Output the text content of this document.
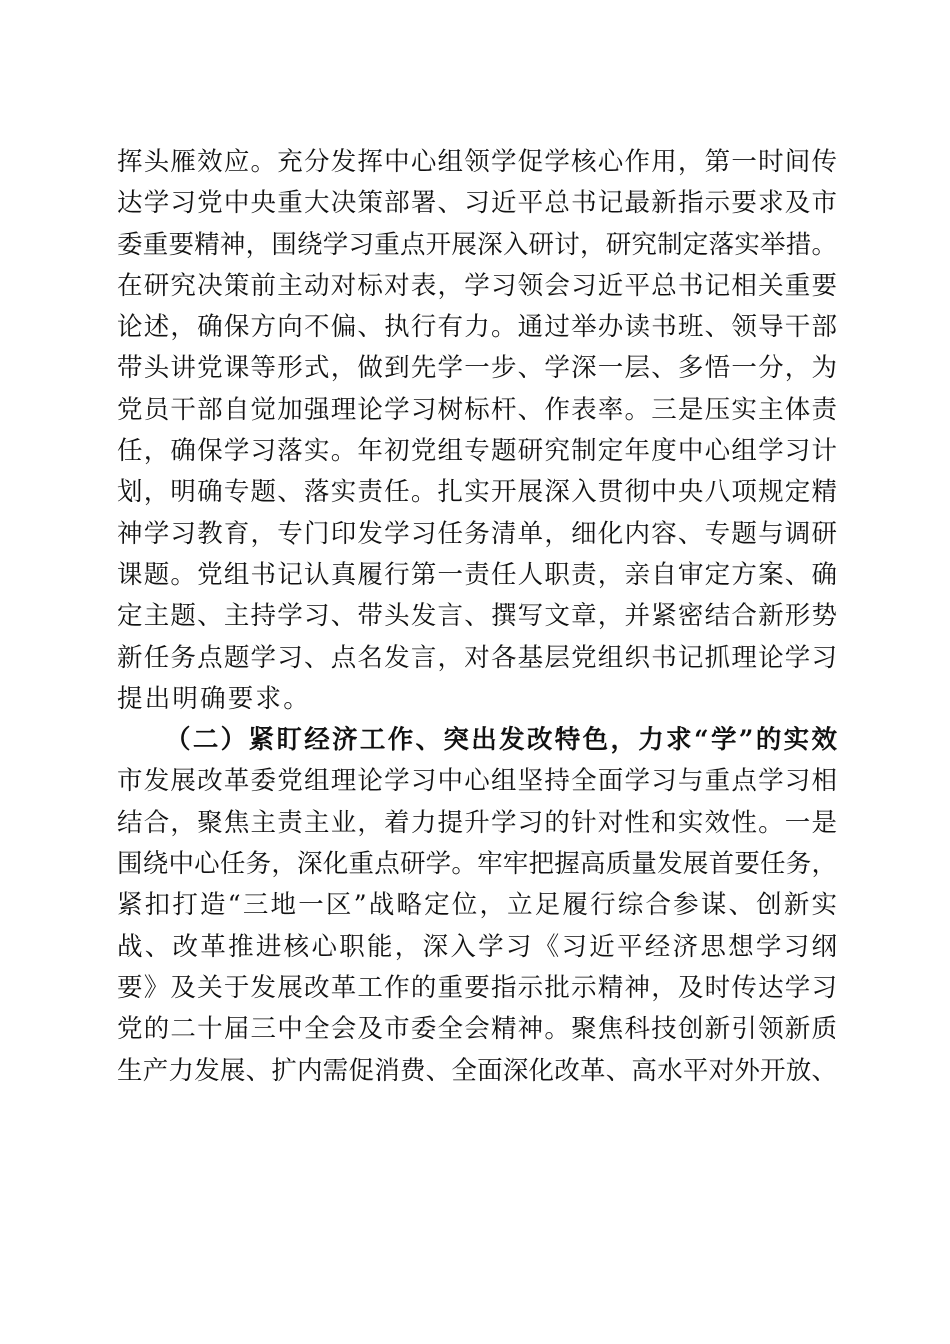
挥头雁效应。充分发挥中心组领学促学核心作用，第一时间传
达学习党中央重大决策部署、习近平总书记最新指示要求及市
委重要精神，围绕学习重点开展深入研讨，研究制定落实举措。
在研究决策前主动对标对表，学习领会习近平总书记相关重要
论述，确保方向不偏、执行有力。通过举办读书班、领导干部
带头讲党课等形式，做到先学一步、学深一层、多悟一分，为
党员干部自觉加强理论学习树标杆、作表率。三是压实主体责
任，确保学习落实。年初党组专题研究制定年度中心组学习计
划，明确专题、落实责任。扎实开展深入贯彻中央八项规定精
神学习教育，专门印发学习任务清单，细化内容、专题与调研
课题。党组书记认真履行第一责任人职责，亲自审定方案、确
定主题、主持学习、带头发言、撰写文章，并紧密结合新形势
新任务点题学习、点名发言，对各基层党组织书记抓理论学习
提出明确要求。
（二）紧盯经济工作、突出发改特色，力求“学”的实效
市发展改革委党组理论学习中心组坚持全面学习与重点学习相
结合，聚焦主责主业，着力提升学习的针对性和实效性。一是
围绕中心任务，深化重点研学。牢牢把握高质量发展首要任务，
紧扣打造“三地一区”战略定位，立足履行综合参谋、创新实
战、改革推进核心职能，深入学习《习近平经济思想学习纲
要》及关于发展改革工作的重要指示批示精神，及时传达学习
党的二十届三中全会及市委全会精神。聚焦科技创新引领新质
生产力发展、扩内需促消费、全面深化改革、高水平对外开放、
